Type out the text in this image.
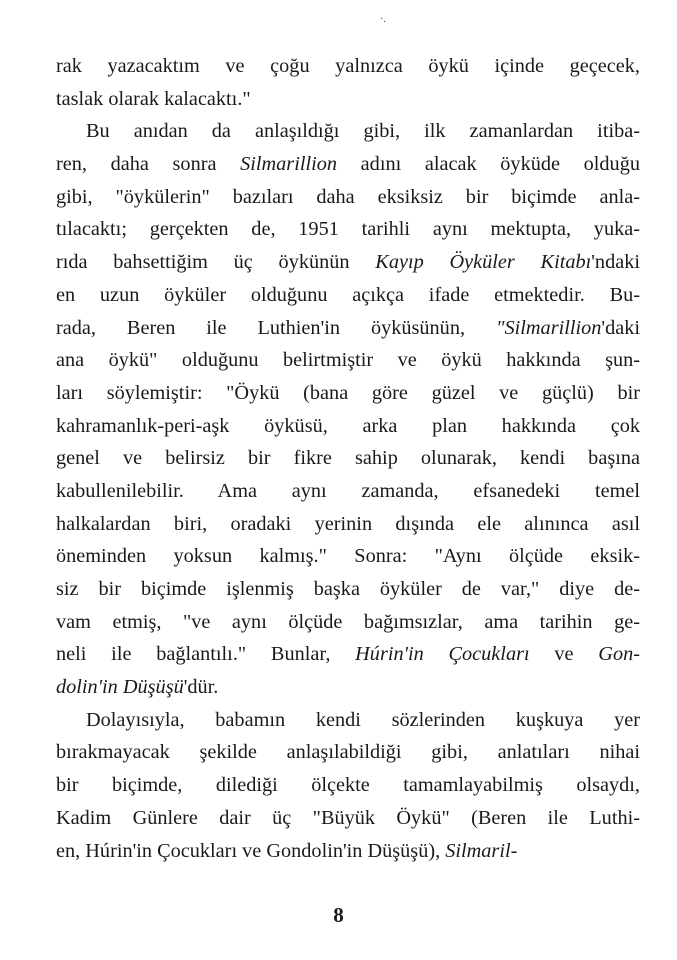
·.
rak yazacaktım ve çoğu yalnızca öykü içinde geçecek,
taslak olarak kalacaktı."
Bu anıdan da anlaşıldığı gibi, ilk zamanlardan itiba-
ren, daha sonra Silmarillion adını alacak öyküde olduğu
gibi, "öykülerin" bazıları daha eksiksiz bir biçimde anla-
tılacaktı; gerçekten de, 1951 tarihli aynı mektupta, yuka-
rıda bahsettiğim üç öykünün Kayıp Öyküler Kitabı'ndaki
en uzun öyküler olduğunu açıkça ifade etmektedir. Bu-
rada, Beren ile Luthien'in öyküsünün, "Silmarillion'daki
ana öykü" olduğunu belirtmiştir ve öykü hakkında şun-
ları söylemiştir: "Öykü (bana göre güzel ve güçlü) bir
kahramanlık-peri-aşk öyküsü, arka plan hakkında çok
genel ve belirsiz bir fikre sahip olunarak, kendi başına
kabullenilebilir. Ama aynı zamanda, efsanedeki temel
halkalardan biri, oradaki yerinin dışında ele alınınca asıl
öneminden yoksun kalmış." Sonra: "Aynı ölçüde eksik-
siz bir biçimde işlenmiş başka öyküler de var," diye de-
vam etmiş, "ve aynı ölçüde bağımsızlar, ama tarihin ge-
neli ile bağlantılı." Bunlar, Húrin'in Çocukları ve Gon-
dolin'in Düşüşü'dür.
Dolayısıyla, babamın kendi sözlerinden kuşkuya yer
bırakmayacak şekilde anlaşılabildiği gibi, anlatıları nihai
bir biçimde, dilediği ölçekte tamamlayabilmiş olsaydı,
Kadim Günlere dair üç "Büyük Öykü" (Beren ile Luthi-
en, Húrin'in Çocukları ve Gondolin'in Düşüşü), Silmaril-
8
